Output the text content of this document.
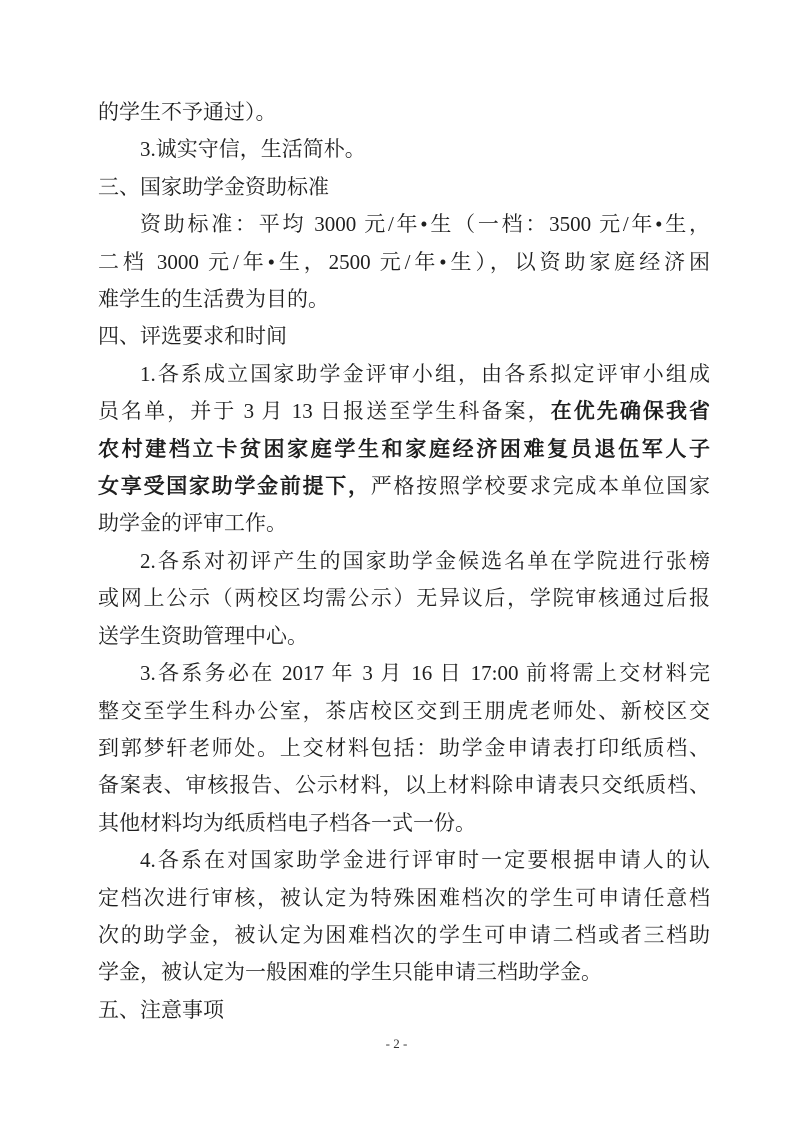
的学生不予通过）。
3.诚实守信，生活简朴。
三、国家助学金资助标准
资助标准：平均 3000 元/年•生（一档：3500 元/年•生，
二档 3000 元/年•生，2500 元/年•生），以资助家庭经济困
难学生的生活费为目的。
四、评选要求和时间
1.各系成立国家助学金评审小组，由各系拟定评审小组成
员名单，并于 3 月 13 日报送至学生科备案，在优先确保我省
农村建档立卡贫困家庭学生和家庭经济困难复员退伍军人子
女享受国家助学金前提下，严格按照学校要求完成本单位国家
助学金的评审工作。
2.各系对初评产生的国家助学金候选名单在学院进行张榜
或网上公示（两校区均需公示）无异议后，学院审核通过后报
送学生资助管理中心。
3.各系务必在 2017 年 3 月 16 日 17:00 前将需上交材料完
整交至学生科办公室，茶店校区交到王朋虎老师处、新校区交
到郭梦轩老师处。上交材料包括：助学金申请表打印纸质档、
备案表、审核报告、公示材料，以上材料除申请表只交纸质档、
其他材料均为纸质档电子档各一式一份。
4.各系在对国家助学金进行评审时一定要根据申请人的认
定档次进行审核，被认定为特殊困难档次的学生可申请任意档
次的助学金，被认定为困难档次的学生可申请二档或者三档助
学金，被认定为一般困难的学生只能申请三档助学金。
五、注意事项
- 2 -
